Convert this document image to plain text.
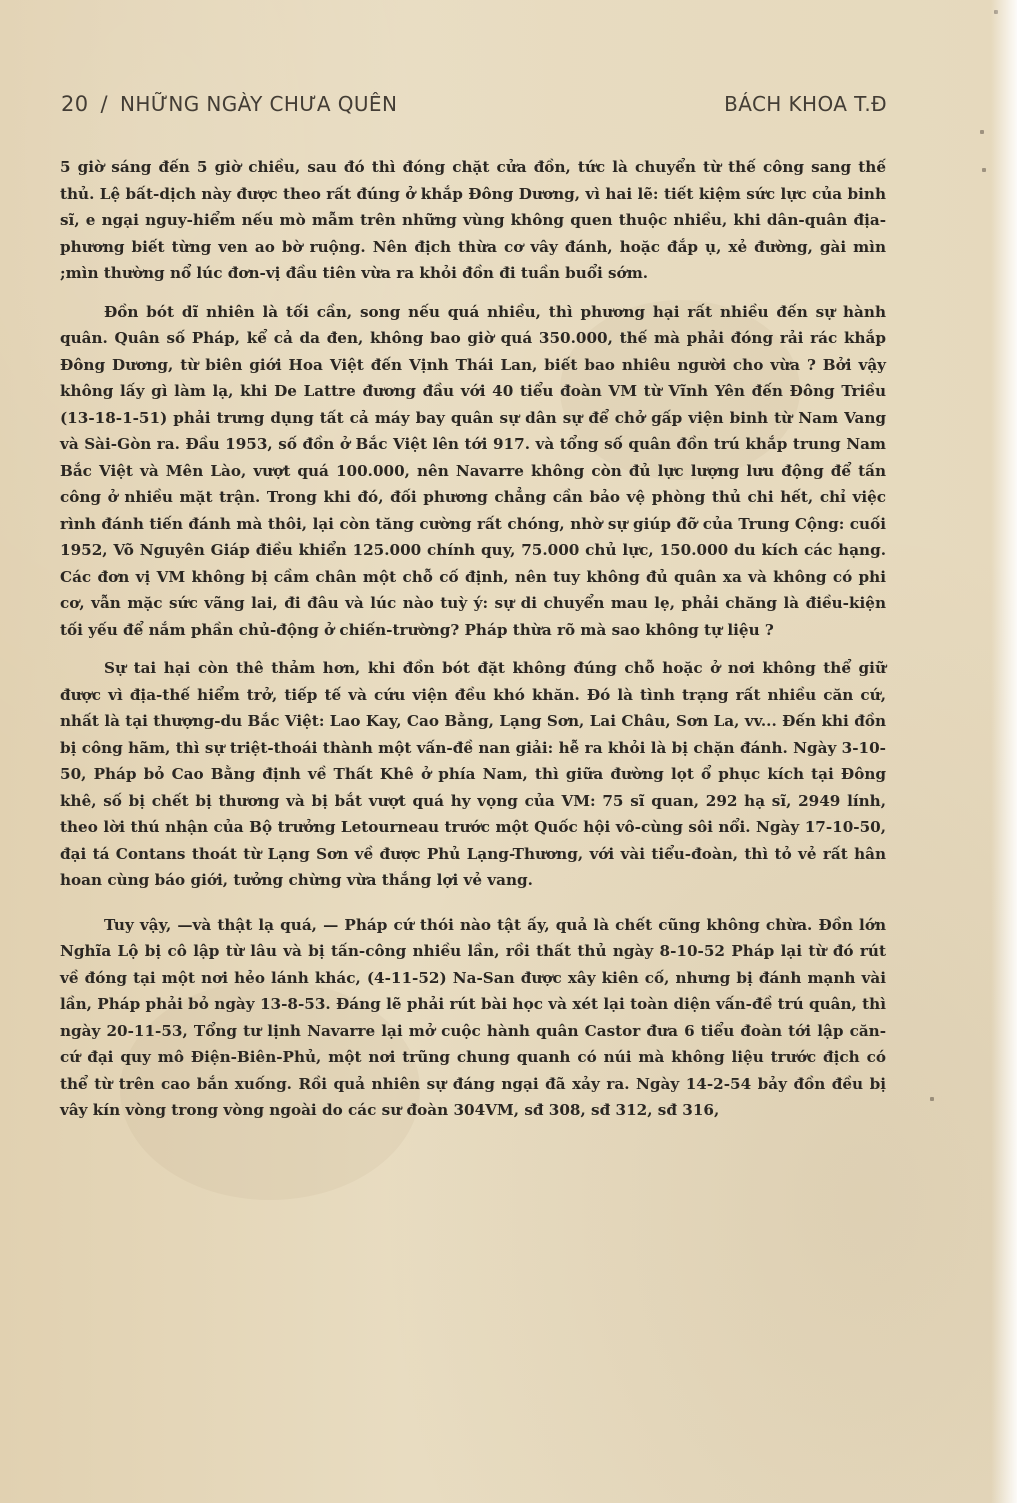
20 / NHỮNG NGÀY CHƯA QUÊN	BÁCH KHOA T.Đ

5 giờ sáng đến 5 giờ chiều, sau đó thì đóng chặt cửa đồn, tức là chuyển từ thế công sang thế thủ. Lệ bất-dịch này được theo rất đúng ở khắp Đông Dương, vì hai lẽ: tiết kiệm sức lực của binh sĩ, e ngại nguy-hiểm nếu mò mẫm trên những vùng không quen thuộc nhiều, khi dân-quân địa-phương biết từng ven ao bờ ruộng. Nên địch thừa cơ vây đánh, hoặc đắp ụ, xẻ đường, gài mìn ;mìn thường nổ lúc đơn-vị đầu tiên vừa ra khỏi đồn đi tuần buổi sớm.

Đồn bót dĩ nhiên là tối cần, song nếu quá nhiều, thì phương hại rất nhiều đến sự hành quân. Quân số Pháp, kể cả da đen, không bao giờ quá 350.000, thế mà phải đóng rải rác khắp Đông Dương, từ biên giới Hoa Việt đến Vịnh Thái Lan, biết bao nhiêu người cho vừa ? Bởi vậy không lấy gì làm lạ, khi De Lattre đương đầu với 40 tiểu đoàn VM từ Vĩnh Yên đến Đông Triều (13-18-1-51) phải trưng dụng tất cả máy bay quân sự dân sự để chở gấp viện binh từ Nam Vang và Sài-Gòn ra. Đầu 1953, số đồn ở Bắc Việt lên tới 917. và tổng số quân đồn trú khắp trung Nam Bắc Việt và Mên Lào, vượt quá 100.000, nên Navarre không còn đủ lực lượng lưu động để tấn công ở nhiều mặt trận. Trong khi đó, đối phương chẳng cần bảo vệ phòng thủ chi hết, chỉ việc rình đánh tiến đánh mà thôi, lại còn tăng cường rất chóng, nhờ sự giúp đỡ của Trung Cộng: cuối 1952, Võ Nguyên Giáp điều khiển 125.000 chính quy, 75.000 chủ lực, 150.000 du kích các hạng. Các đơn vị VM không bị cầm chân một chỗ cố định, nên tuy không đủ quân xa và không có phi cơ, vẫn mặc sức vãng lai, đi đâu và lúc nào tuỳ ý: sự di chuyển mau lẹ, phải chăng là điều-kiện tối yếu để nắm phần chủ-động ở chiến-trường? Pháp thừa rõ mà sao không tự liệu ?

Sự tai hại còn thê thảm hơn, khi đồn bót đặt không đúng chỗ hoặc ở nơi không thể giữ được vì địa-thế hiểm trở, tiếp tế và cứu viện đều khó khăn. Đó là tình trạng rất nhiều căn cứ, nhất là tại thượng-du Bắc Việt: Lao Kay, Cao Bằng, Lạng Sơn, Lai Châu, Sơn La, vv... Đến khi đồn bị công hãm, thì sự triệt-thoái thành một vấn-đề nan giải: hễ ra khỏi là bị chặn đánh. Ngày 3-10-50, Pháp bỏ Cao Bằng định về Thất Khê ở phía Nam, thì giữa đường lọt ổ phục kích tại Đông khê, số bị chết bị thương và bị bắt vượt quá hy vọng của VM: 75 sĩ quan, 292 hạ sĩ, 2949 lính, theo lời thú nhận của Bộ trưởng Letourneau trước một Quốc hội vô-cùng sôi nổi. Ngày 17-10-50, đại tá Contans thoát từ Lạng Sơn về được Phủ Lạng-Thương, với vài tiểu-đoàn, thì tỏ vẻ rất hân hoan cùng báo giới, tưởng chừng vừa thắng lợi vẻ vang.

Tuy vậy, —và thật lạ quá, — Pháp cứ thói nào tật ấy, quả là chết cũng không chừa. Đồn lớn Nghĩa Lộ bị cô lập từ lâu và bị tấn-công nhiều lần, rồi thất thủ ngày 8-10-52 Pháp lại từ đó rút về đóng tại một nơi hẻo lánh khác, (4-11-52) Na-San được xây kiên cố, nhưng bị đánh mạnh vài lần, Pháp phải bỏ ngày 13-8-53. Đáng lẽ phải rút bài học và xét lại toàn diện vấn-đề trú quân, thì ngày 20-11-53, Tổng tư lịnh Navarre lại mở cuộc hành quân Castor đưa 6 tiểu đoàn tới lập căn-cứ đại quy mô Điện-Biên-Phủ, một nơi trũng chung quanh có núi mà không liệu trước địch có thể từ trên cao bắn xuống. Rồi quả nhiên sự đáng ngại đã xảy ra. Ngày 14-2-54 bảy đồn đều bị vây kín vòng trong vòng ngoài do các sư đoàn 304VM, sđ 308, sđ 312, sđ 316,
